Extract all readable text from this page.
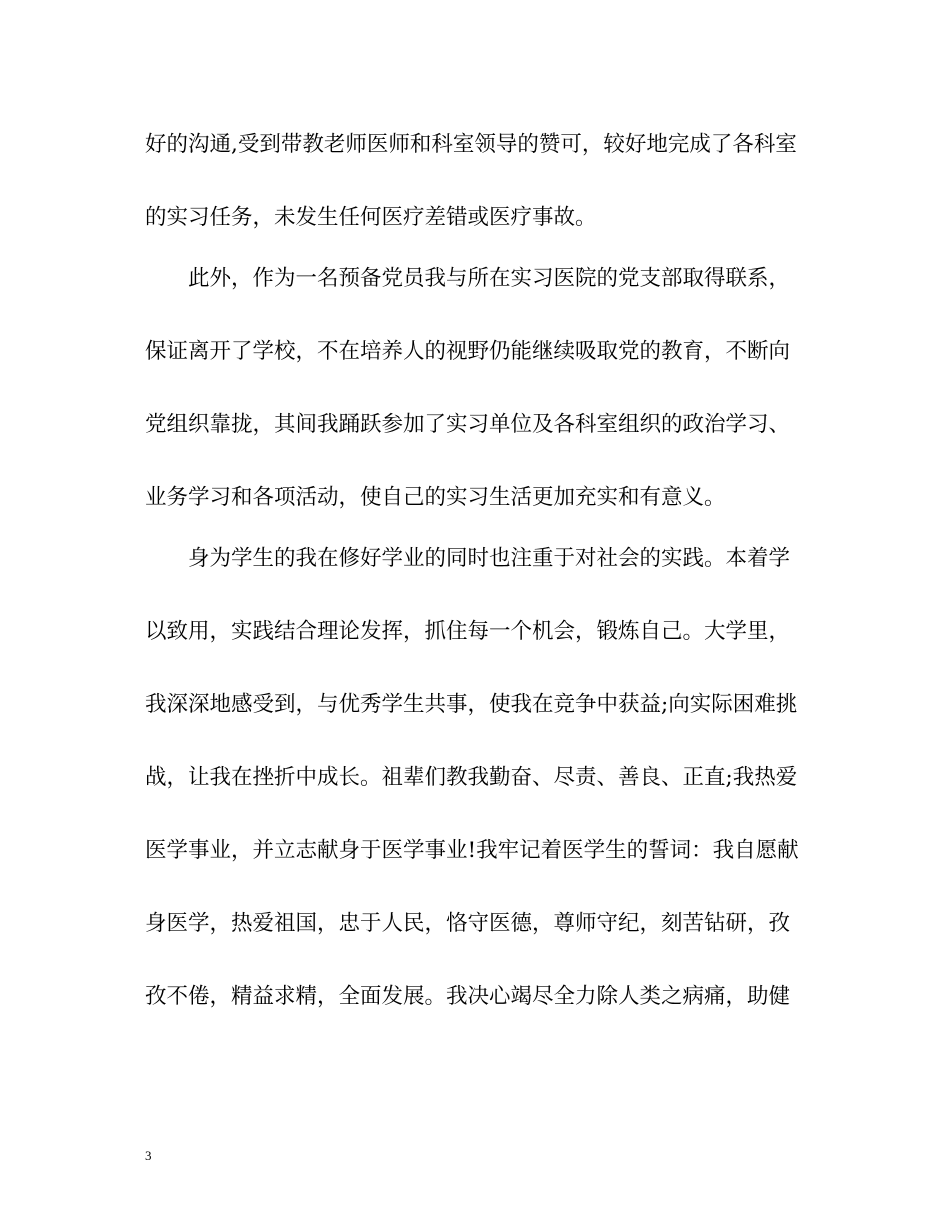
好的沟通,受到带教老师医师和科室领导的赞可，较好地完成了各科室
的实习任务，未发生任何医疗差错或医疗事故。
此外，作为一名预备党员我与所在实习医院的党支部取得联系，
保证离开了学校，不在培养人的视野仍能继续吸取党的教育，不断向
党组织靠拢，其间我踊跃参加了实习单位及各科室组织的政治学习、
业务学习和各项活动，使自己的实习生活更加充实和有意义。
身为学生的我在修好学业的同时也注重于对社会的实践。本着学
以致用，实践结合理论发挥，抓住每一个机会，锻炼自己。大学里，
我深深地感受到，与优秀学生共事，使我在竞争中获益;向实际困难挑
战，让我在挫折中成长。祖辈们教我勤奋、尽责、善良、正直;我热爱
医学事业，并立志献身于医学事业!我牢记着医学生的誓词：我自愿献
身医学，热爱祖国，忠于人民，恪守医德，尊师守纪，刻苦钻研，孜
孜不倦，精益求精，全面发展。我决心竭尽全力除人类之病痛，助健
3
